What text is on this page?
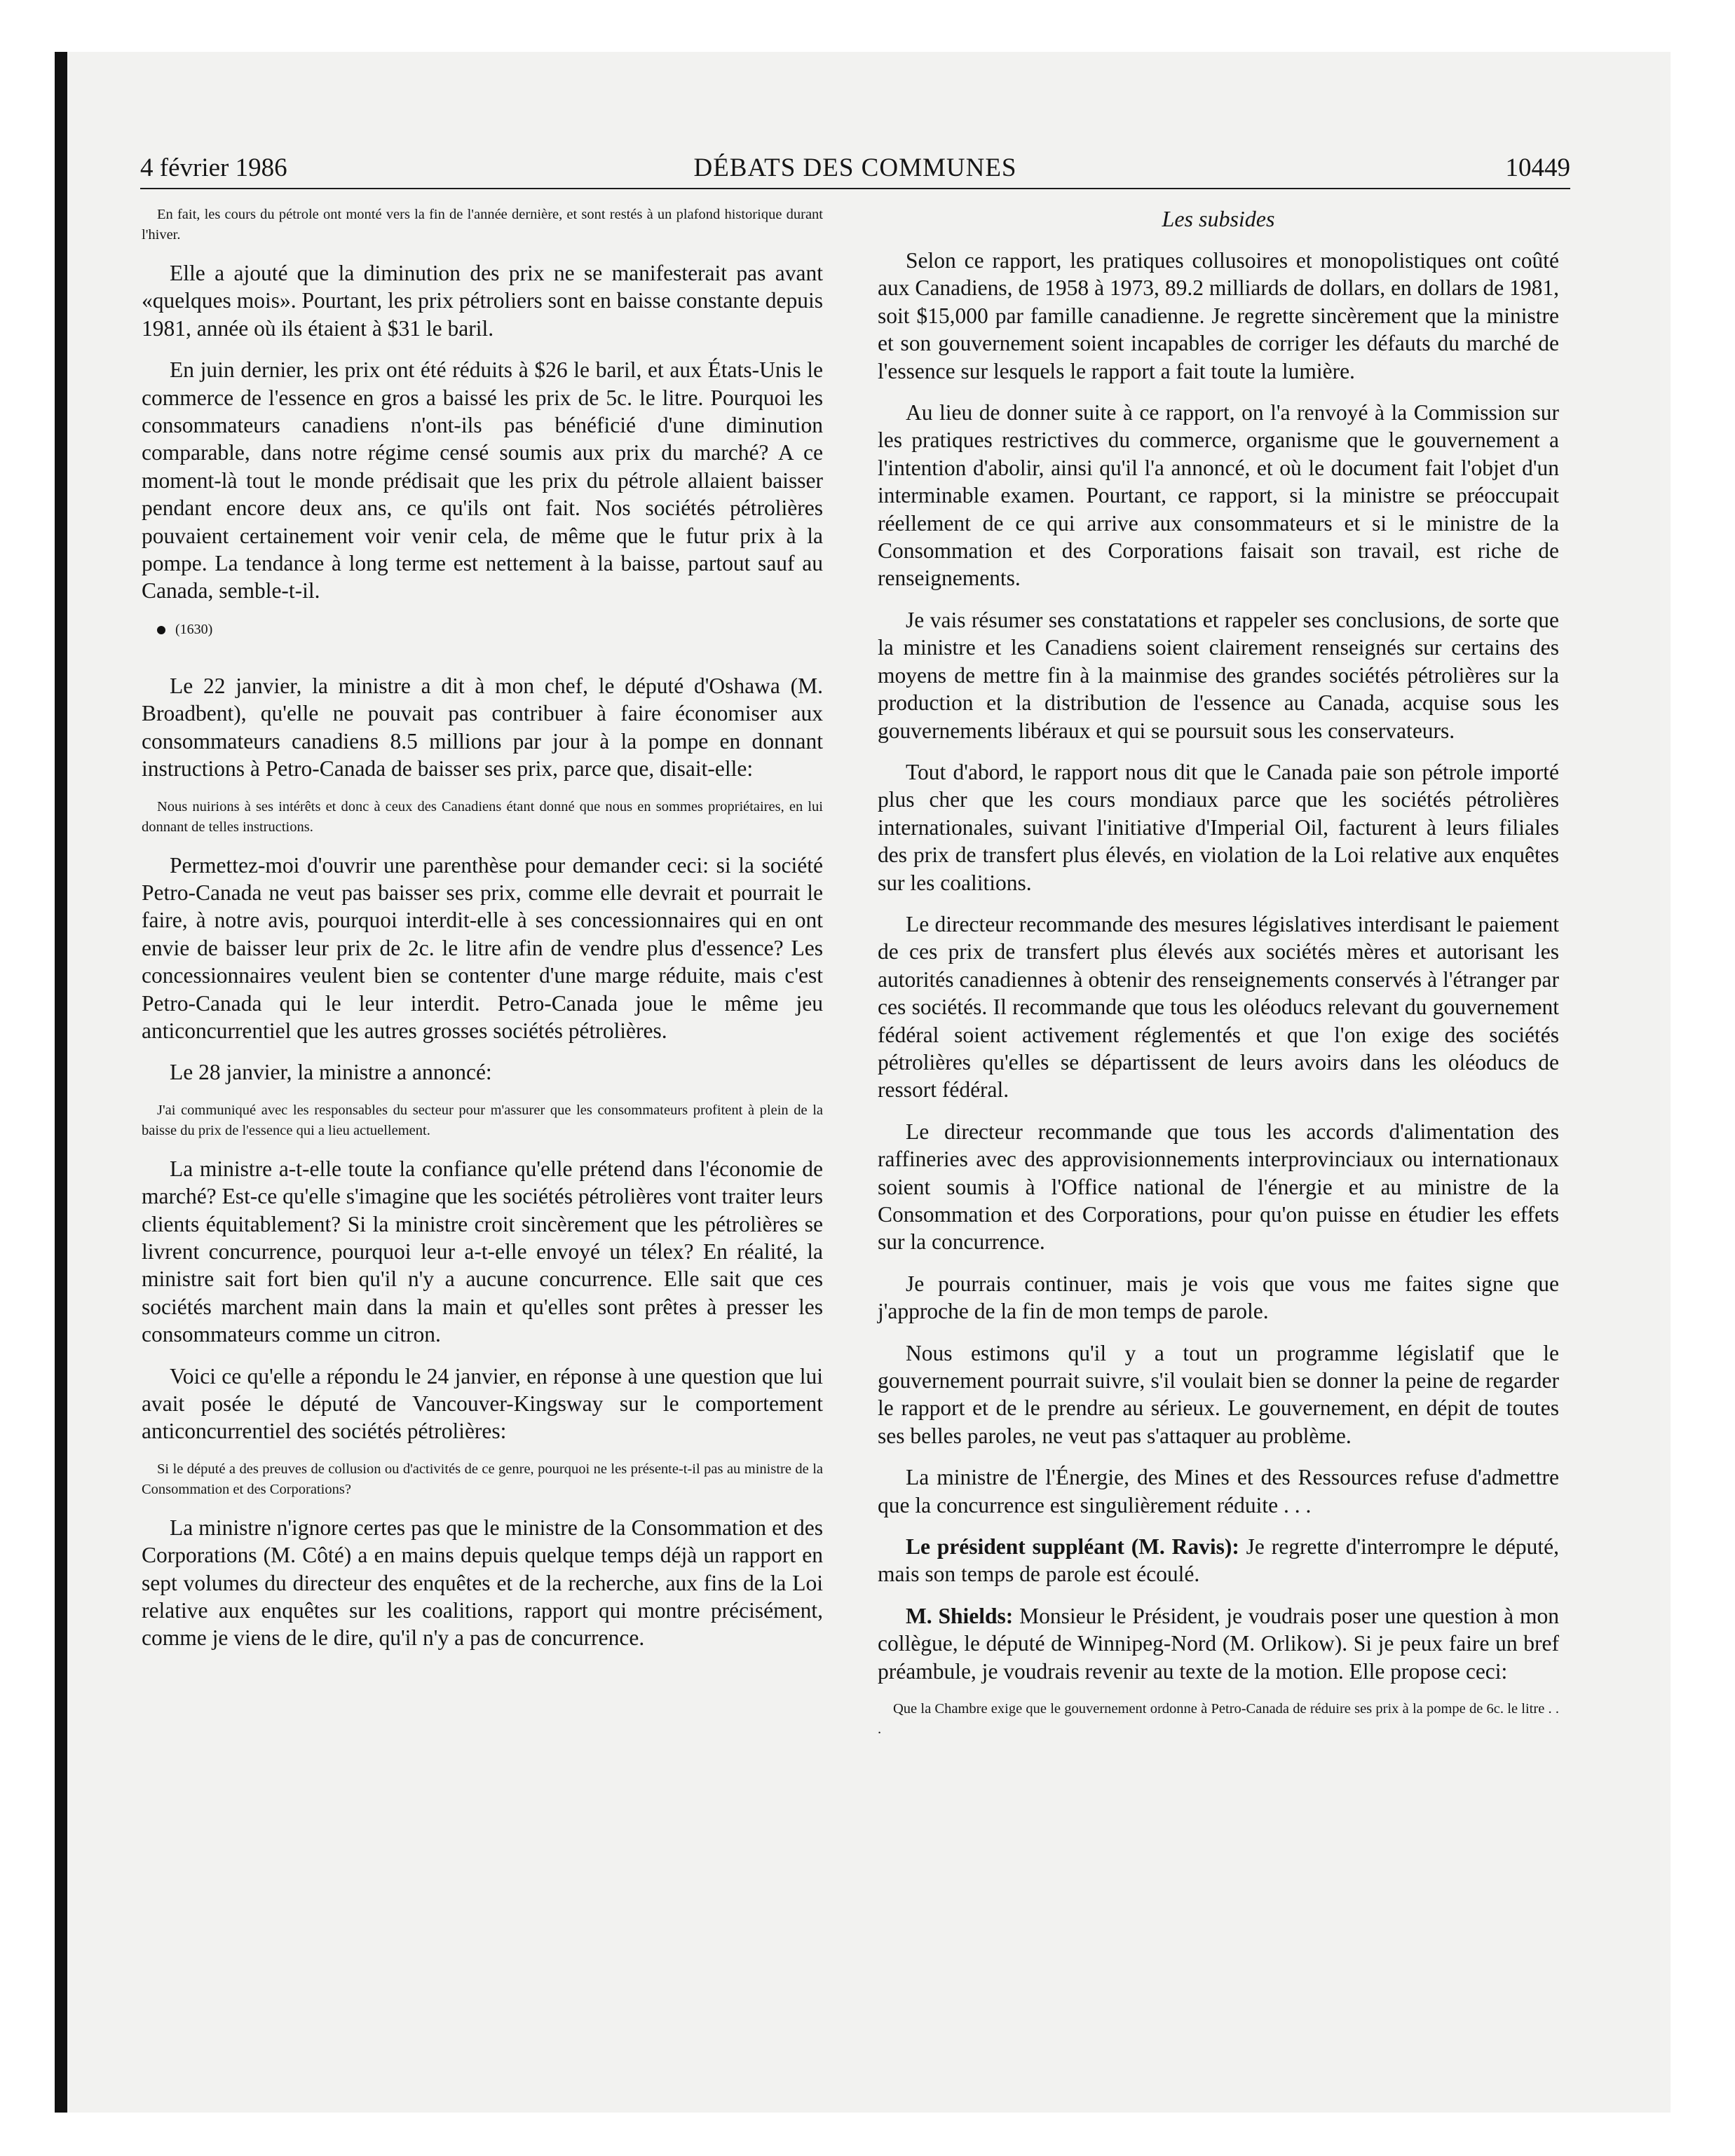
4 février 1986	DÉBATS DES COMMUNES	10449

En fait, les cours du pétrole ont monté vers la fin de l'année dernière, et sont restés à un plafond historique durant l'hiver.

Elle a ajouté que la diminution des prix ne se manifesterait pas avant «quelques mois». Pourtant, les prix pétroliers sont en baisse constante depuis 1981, année où ils étaient à $31 le baril.

En juin dernier, les prix ont été réduits à $26 le baril, et aux États-Unis le commerce de l'essence en gros a baissé les prix de 5c. le litre. Pourquoi les consommateurs canadiens n'ont-ils pas bénéficié d'une diminution comparable, dans notre régime censé soumis aux prix du marché? A ce moment-là tout le monde prédisait que les prix du pétrole allaient baisser pendant encore deux ans, ce qu'ils ont fait. Nos sociétés pétrolières pouvaient certainement voir venir cela, de même que le futur prix à la pompe. La tendance à long terme est nettement à la baisse, partout sauf au Canada, semble-t-il.

(1630)

Le 22 janvier, la ministre a dit à mon chef, le député d'Oshawa (M. Broadbent), qu'elle ne pouvait pas contribuer à faire économiser aux consommateurs canadiens 8.5 millions par jour à la pompe en donnant instructions à Petro-Canada de baisser ses prix, parce que, disait-elle:

Nous nuirions à ses intérêts et donc à ceux des Canadiens étant donné que nous en sommes propriétaires, en lui donnant de telles instructions.

Permettez-moi d'ouvrir une parenthèse pour demander ceci: si la société Petro-Canada ne veut pas baisser ses prix, comme elle devrait et pourrait le faire, à notre avis, pourquoi interdit-elle à ses concessionnaires qui en ont envie de baisser leur prix de 2c. le litre afin de vendre plus d'essence? Les concessionnaires veulent bien se contenter d'une marge réduite, mais c'est Petro-Canada qui le leur interdit. Petro-Canada joue le même jeu anticoncurrentiel que les autres grosses sociétés pétrolières.

Le 28 janvier, la ministre a annoncé:

J'ai communiqué avec les responsables du secteur pour m'assurer que les consommateurs profitent à plein de la baisse du prix de l'essence qui a lieu actuellement.

La ministre a-t-elle toute la confiance qu'elle prétend dans l'économie de marché? Est-ce qu'elle s'imagine que les sociétés pétrolières vont traiter leurs clients équitablement? Si la ministre croit sincèrement que les pétrolières se livrent concurrence, pourquoi leur a-t-elle envoyé un télex? En réalité, la ministre sait fort bien qu'il n'y a aucune concurrence. Elle sait que ces sociétés marchent main dans la main et qu'elles sont prêtes à presser les consommateurs comme un citron.

Voici ce qu'elle a répondu le 24 janvier, en réponse à une question que lui avait posée le député de Vancouver-Kingsway sur le comportement anticoncurrentiel des sociétés pétrolières:

Si le député a des preuves de collusion ou d'activités de ce genre, pourquoi ne les présente-t-il pas au ministre de la Consommation et des Corporations?

La ministre n'ignore certes pas que le ministre de la Consommation et des Corporations (M. Côté) a en mains depuis quelque temps déjà un rapport en sept volumes du directeur des enquêtes et de la recherche, aux fins de la Loi relative aux enquêtes sur les coalitions, rapport qui montre précisément, comme je viens de le dire, qu'il n'y a pas de concurrence.

Les subsides

Selon ce rapport, les pratiques collusoires et monopolistiques ont coûté aux Canadiens, de 1958 à 1973, 89.2 milliards de dollars, en dollars de 1981, soit $15,000 par famille canadienne. Je regrette sincèrement que la ministre et son gouvernement soient incapables de corriger les défauts du marché de l'essence sur lesquels le rapport a fait toute la lumière.

Au lieu de donner suite à ce rapport, on l'a renvoyé à la Commission sur les pratiques restrictives du commerce, organisme que le gouvernement a l'intention d'abolir, ainsi qu'il l'a annoncé, et où le document fait l'objet d'un interminable examen. Pourtant, ce rapport, si la ministre se préoccupait réellement de ce qui arrive aux consommateurs et si le ministre de la Consommation et des Corporations faisait son travail, est riche de renseignements.

Je vais résumer ses constatations et rappeler ses conclusions, de sorte que la ministre et les Canadiens soient clairement renseignés sur certains des moyens de mettre fin à la mainmise des grandes sociétés pétrolières sur la production et la distribution de l'essence au Canada, acquise sous les gouvernements libéraux et qui se poursuit sous les conservateurs.

Tout d'abord, le rapport nous dit que le Canada paie son pétrole importé plus cher que les cours mondiaux parce que les sociétés pétrolières internationales, suivant l'initiative d'Imperial Oil, facturent à leurs filiales des prix de transfert plus élevés, en violation de la Loi relative aux enquêtes sur les coalitions.

Le directeur recommande des mesures législatives interdisant le paiement de ces prix de transfert plus élevés aux sociétés mères et autorisant les autorités canadiennes à obtenir des renseignements conservés à l'étranger par ces sociétés. Il recommande que tous les oléoducs relevant du gouvernement fédéral soient activement réglementés et que l'on exige des sociétés pétrolières qu'elles se départissent de leurs avoirs dans les oléoducs de ressort fédéral.

Le directeur recommande que tous les accords d'alimentation des raffineries avec des approvisionnements interprovinciaux ou internationaux soient soumis à l'Office national de l'énergie et au ministre de la Consommation et des Corporations, pour qu'on puisse en étudier les effets sur la concurrence.

Je pourrais continuer, mais je vois que vous me faites signe que j'approche de la fin de mon temps de parole.

Nous estimons qu'il y a tout un programme législatif que le gouvernement pourrait suivre, s'il voulait bien se donner la peine de regarder le rapport et de le prendre au sérieux. Le gouvernement, en dépit de toutes ses belles paroles, ne veut pas s'attaquer au problème.

La ministre de l'Énergie, des Mines et des Ressources refuse d'admettre que la concurrence est singulièrement réduite . . .

Le président suppléant (M. Ravis): Je regrette d'interrompre le député, mais son temps de parole est écoulé.

M. Shields: Monsieur le Président, je voudrais poser une question à mon collègue, le député de Winnipeg-Nord (M. Orlikow). Si je peux faire un bref préambule, je voudrais revenir au texte de la motion. Elle propose ceci:

Que la Chambre exige que le gouvernement ordonne à Petro-Canada de réduire ses prix à la pompe de 6c. le litre . . .
